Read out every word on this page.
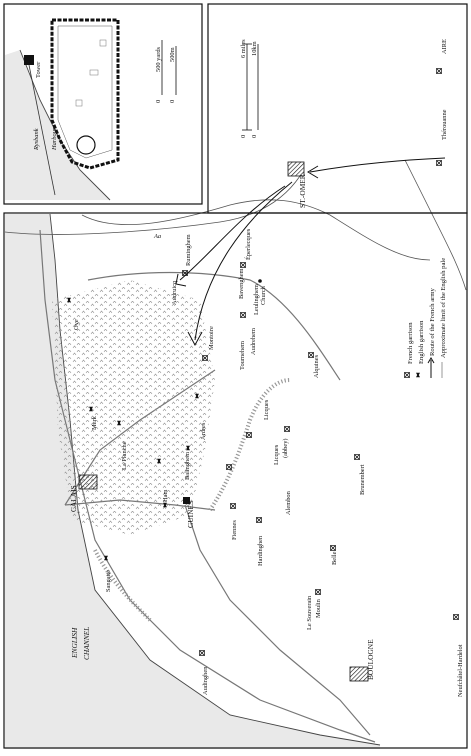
AIRE
Thérouanne
ST.-OMER
Éperlecques
Ruminghem
Audruicq	Bavenghem
Leulinghem Church
Tournehem Audrehem
Montoire
Alquines
Oye
Merk
La Planche
CALAIS	Ham
Balinghem
Ardres
Licques
Licques (abbey)
Alembon
Brunembert
GUINES
Fiennes
Hardinghen
Sangatte
Le Souverain Moulin
Belle
Neufchâtel-Hardelot
Audinghen
BOULOGNE
Aa
ENGLISH CHANNEL
0 0
6 miles 10km
French garrison English garrison Route of the French army Approximate limit of the English pale
Tower
Rysbank Harbour
0 0
500 yards 500m
